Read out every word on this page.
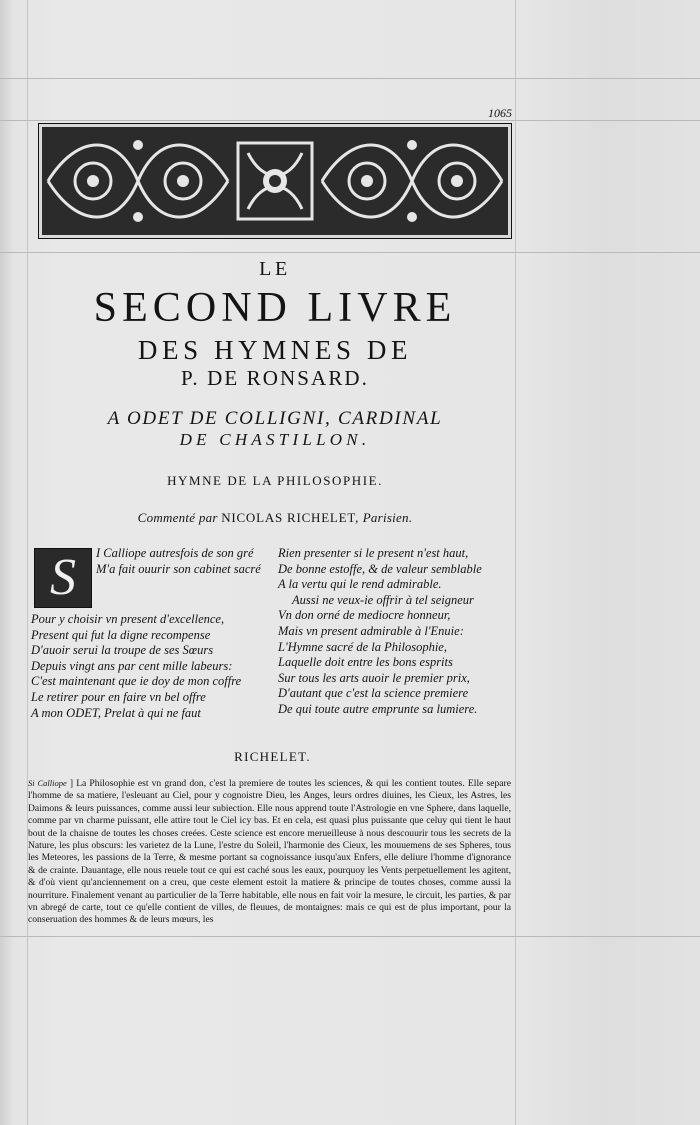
1065
LE
SECOND LIVRE
DES HYMNES DE
P. DE RONSARD.
A ODET DE COLLIGNI, CARDINAL
DE CHASTILLON.
HYMNE DE LA PHILOSOPHIE.
Commenté par NICOLAS RICHELET, Parisien.
S	I Calliope autresfois de son gré
M'a fait ouurir son cabinet sacré
Pour y choisir vn present d'excellence,
Present qui fut la digne recompense
D'auoir serui la troupe de ses Sœurs
Depuis vingt ans par cent mille labeurs:
C'est maintenant que ie doy de mon coffre
Le retirer pour en faire vn bel offre
A mon ODET, Prelat à qui ne faut
Rien presenter si le present n'est haut,
De bonne estoffe, & de valeur semblable
A la vertu qui le rend admirable.
Aussi ne veux-ie offrir à tel seigneur
Vn don orné de mediocre honneur,
Mais vn present admirable à l'Enuie:
L'Hymne sacré de la Philosophie,
Laquelle doit entre les bons esprits
Sur tous les arts auoir le premier prix,
D'autant que c'est la science premiere
De qui toute autre emprunte sa lumiere.
RICHELET.

Si Calliope ] La Philosophie est vn grand don, c'est la premiere de toutes les sciences, & qui les contient toutes. Elle separe l'homme de sa matiere, l'esleuant au Ciel, pour y cognoistre Dieu, les Anges, leurs ordres diuines, les Cieux, les Astres, les Daimons & leurs puissances, comme aussi leur subiection. Elle nous apprend toute l'Astrologie en vne Sphere, dans laquelle, comme par vn charme puissant, elle attire tout le Ciel icy bas. Et en cela, est quasi plus puissante que celuy qui tient le haut bout de la chaisne de toutes les choses creées. Ceste science est encore merueilleuse à nous descouurir tous les secrets de la Nature, les plus obscurs: les varietez de la Lune, l'estre du Soleil, l'harmonie des Cieux, les mouuemens de ses Spheres, tous les Meteores, les passions de la Terre, & mesme portant sa cognoissance iusqu'aux Enfers, elle deliure l'homme d'ignorance & de crainte. Dauantage, elle nous reuele tout ce qui est caché sous les eaux, pourquoy les Vents perpetuellement les agitent, & d'où vient qu'anciennement on a creu, que ceste element estoit la matiere & principe de toutes choses, comme aussi la nourriture. Finalement venant au particulier de la Terre habitable, elle nous en fait voir la mesure, le circuit, les parties, & par vn abregé de carte, tout ce qu'elle contient de villes, de fleuues, de montaignes: mais ce qui est de plus important, pour la conseruation des hommes & de leurs mœurs, les
